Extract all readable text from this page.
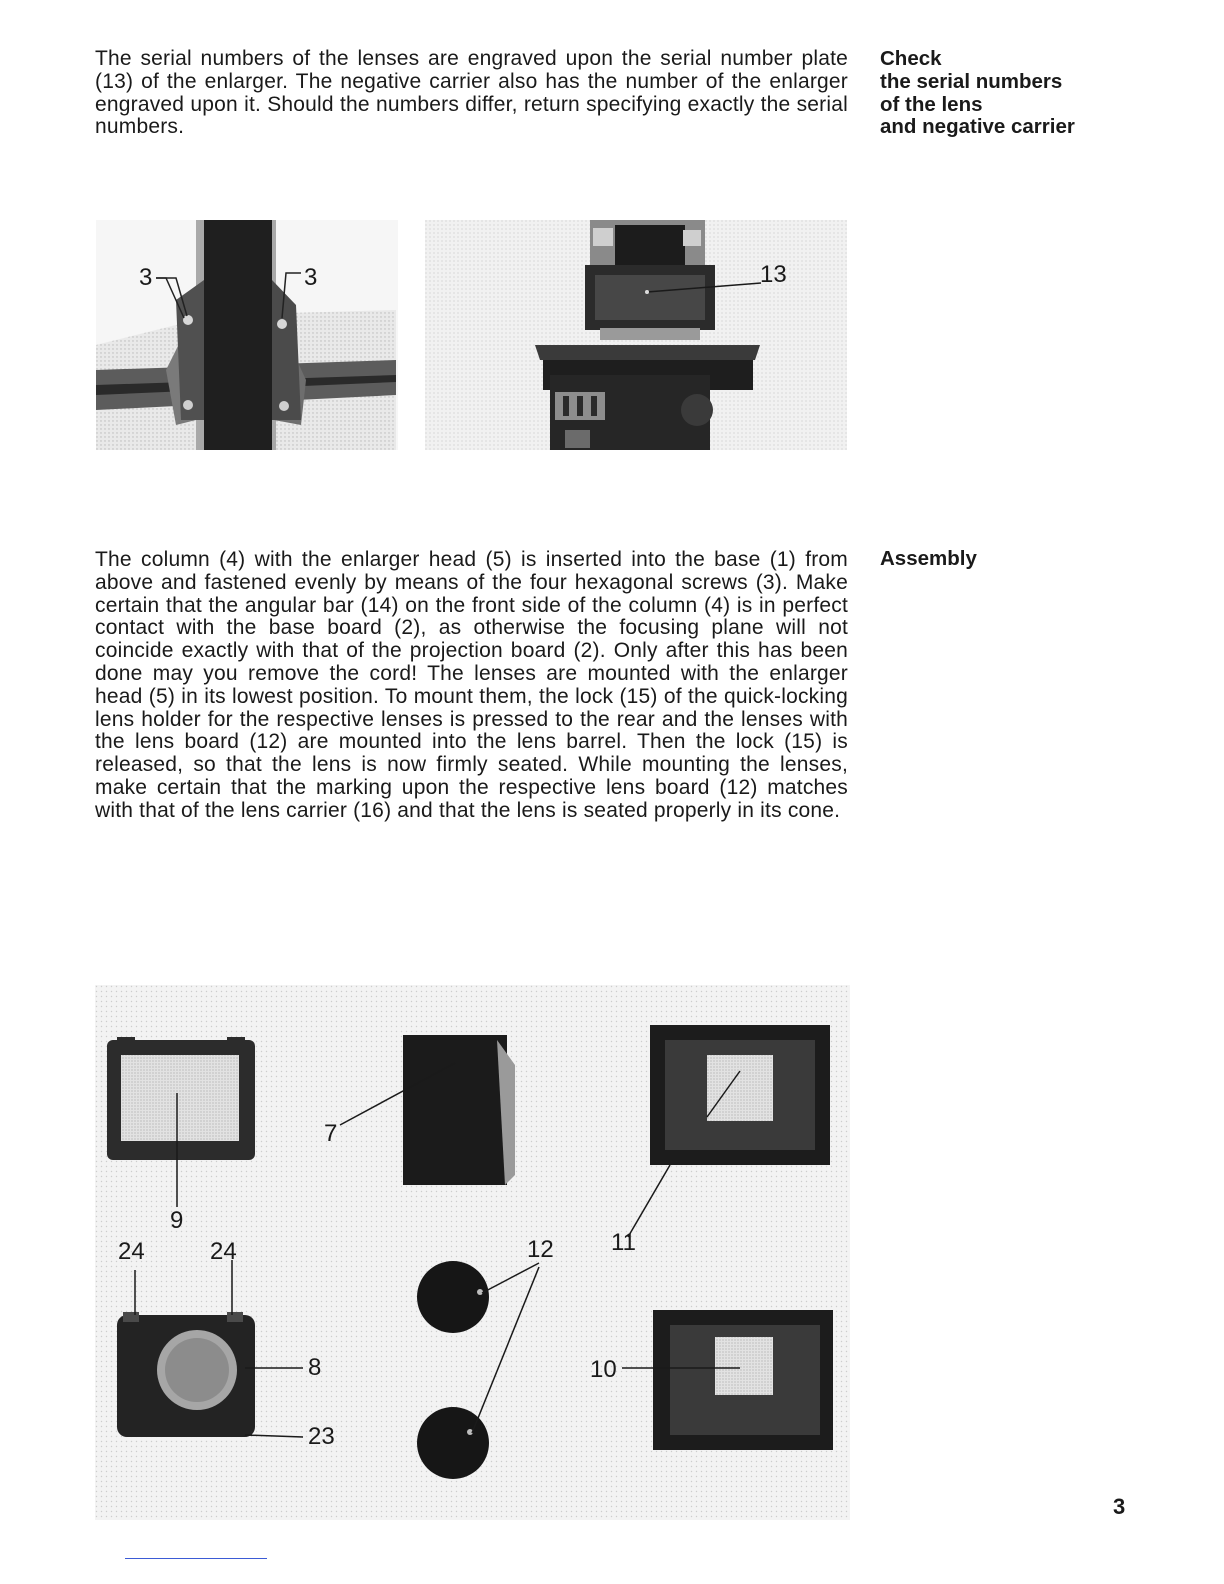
The serial numbers of the lenses are engraved upon the serial number plate (13) of the enlarger. The negative carrier also has the number of the enlarger engraved upon it. Should the numbers differ, return specifying exactly the serial numbers.
Check
the serial numbers
of the lens
and negative carrier
3	3	13
The column (4) with the enlarger head (5) is inserted into the base (1) from above and fastened evenly by means of the four hexagonal screws (3). Make certain that the angular bar (14) on the front side of the column (4) is in perfect contact with the base board (2), as otherwise the focusing plane will not coincide exactly with that of the projection board (2). Only after this has been done may you remove the cord! The lenses are mounted with the enlarger head (5) in its lowest position. To mount them, the lock (15) of the quick-locking lens holder for the respective lenses is pressed to the rear and the lenses with the lens board (12) are mounted into the lens barrel. Then the lock (15) is released, so that the lens is now firmly seated. While mounting the lenses, make certain that the marking upon the respective lens board (12) matches with that of the lens carrier (16) and that the lens is seated properly in its cone.
Assembly
7
9
24	24	12 11
8	10
23
3
